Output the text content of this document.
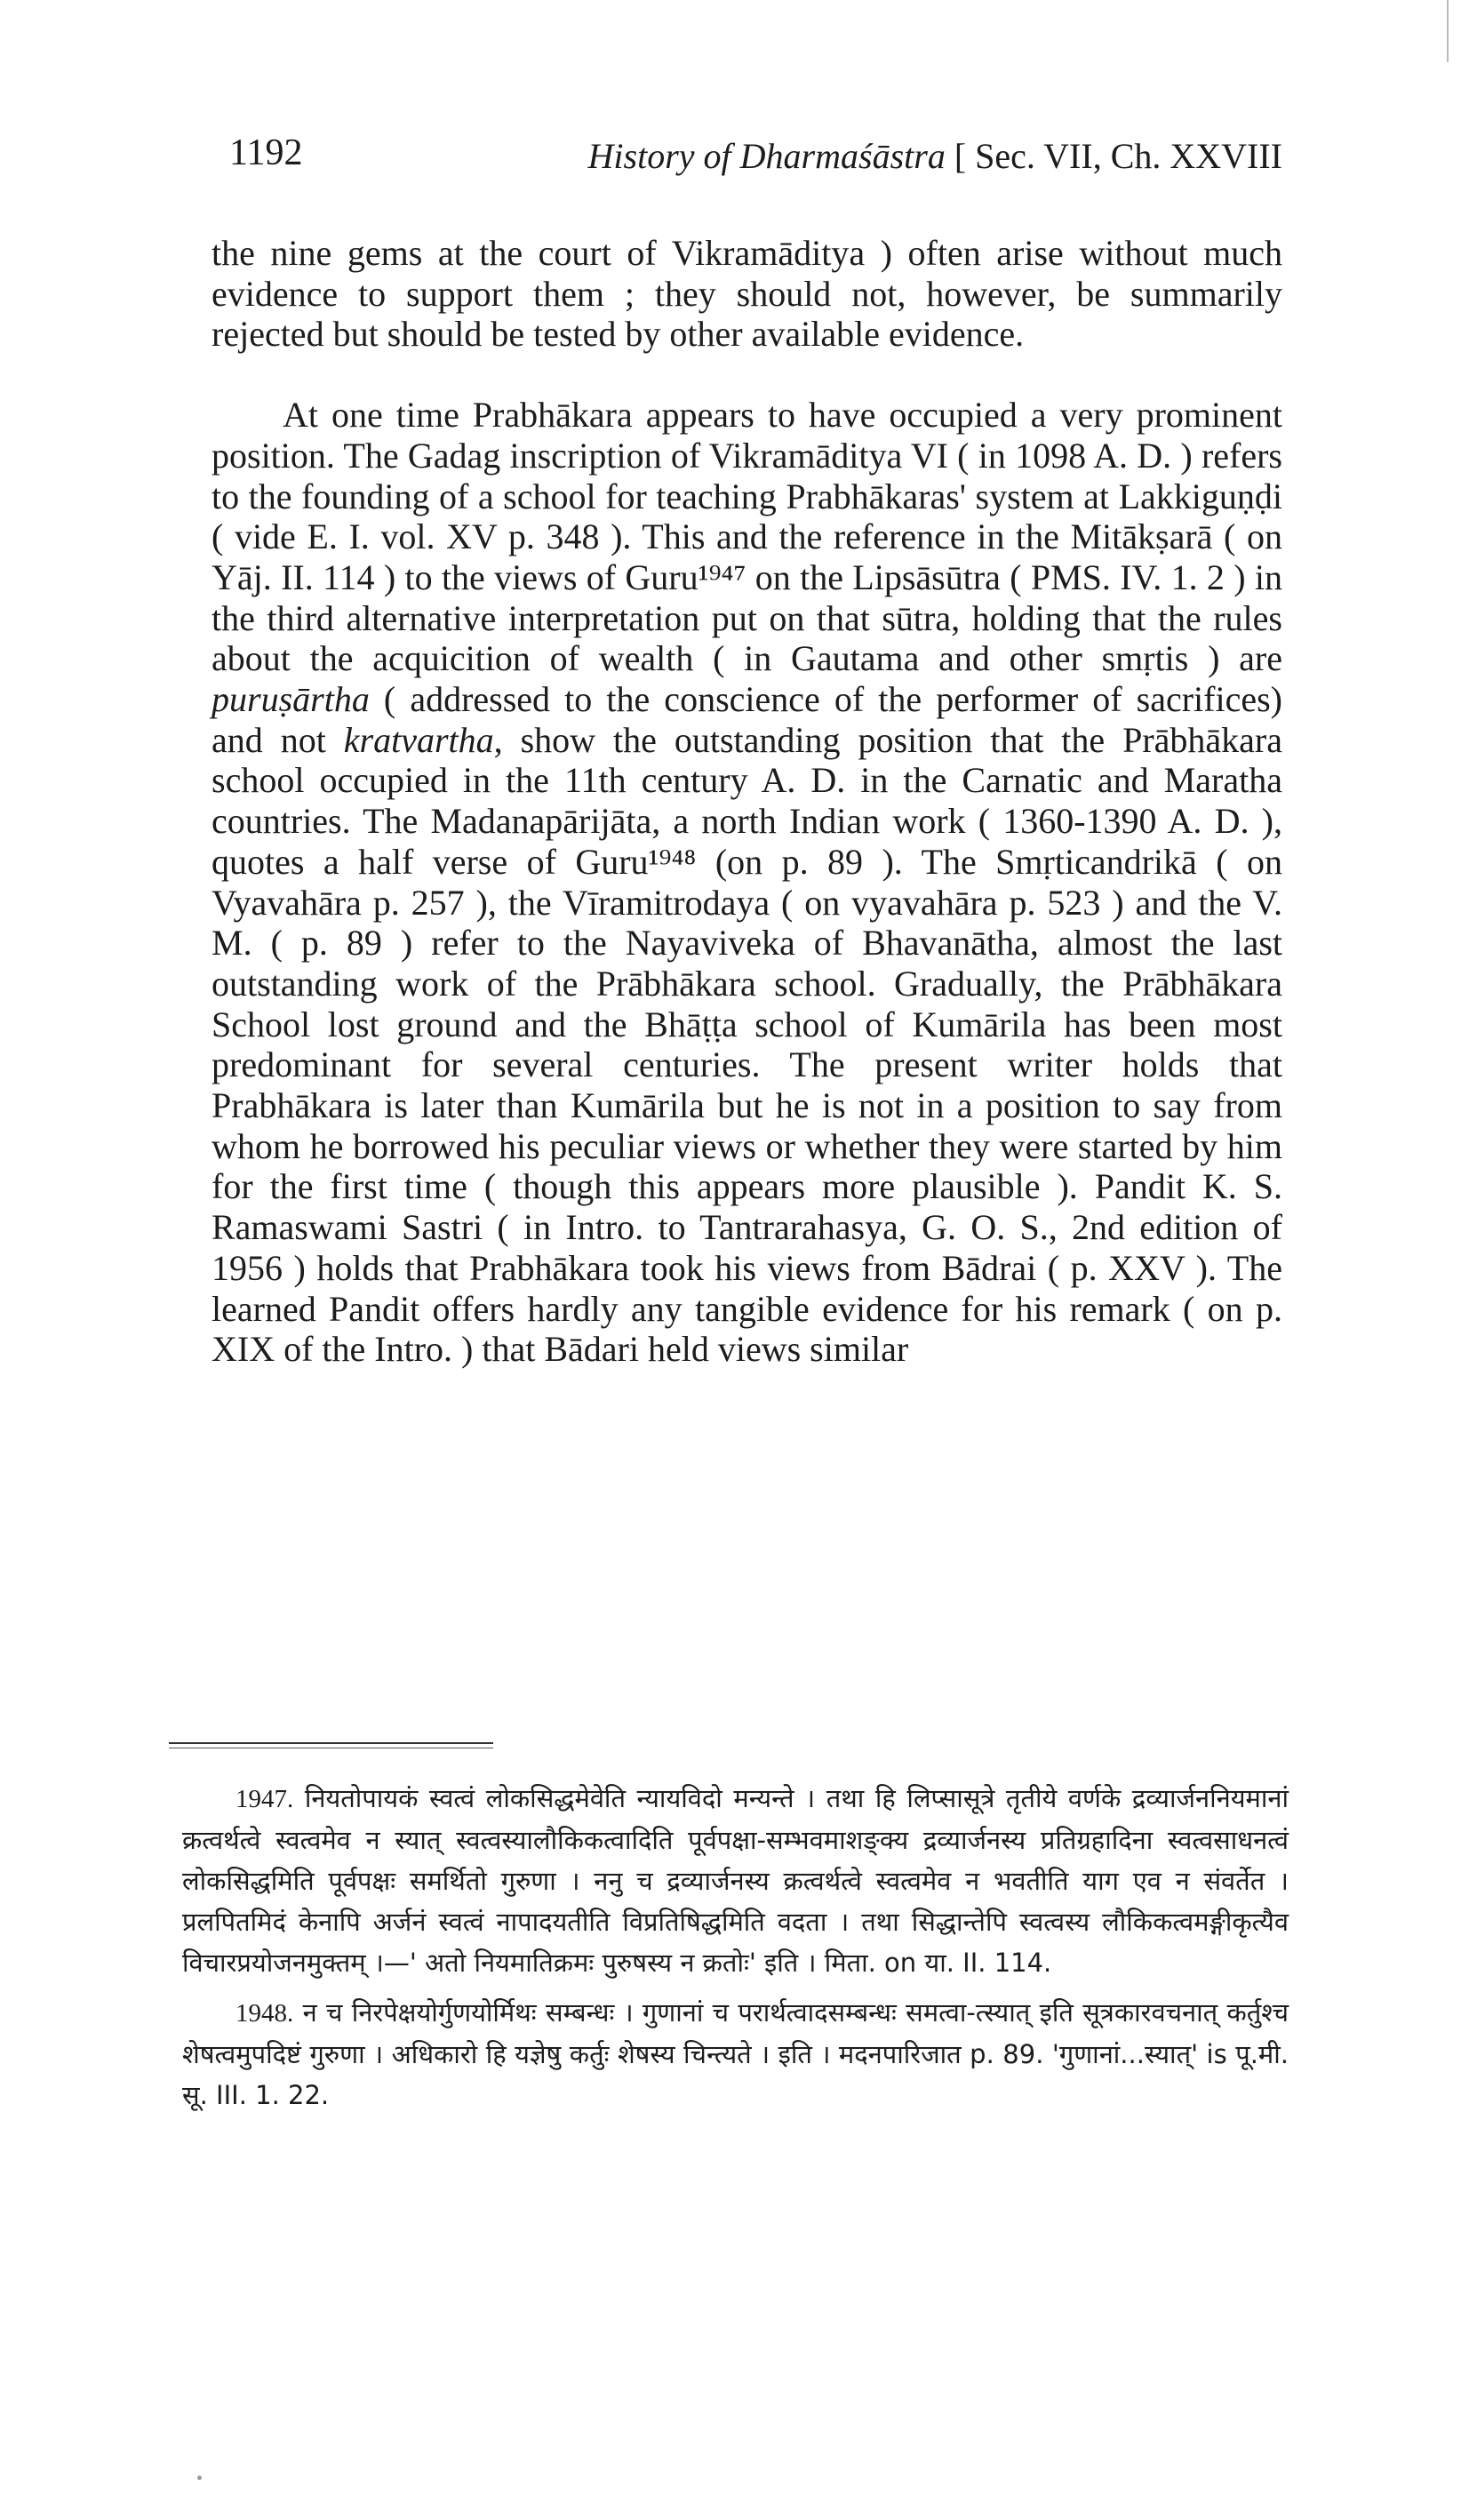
1192	History of Dharmaśāstra [ Sec. VII, Ch. XXVIII

the nine gems at the court of Vikramāditya ) often arise without much evidence to support them ; they should not, however, be summarily rejected but should be tested by other available evidence.

At one time Prabhākara appears to have occupied a very prominent position. The Gadag inscription of Vikramāditya VI ( in 1098 A. D. ) refers to the founding of a school for teaching Prabhākaras' system at Lakkiguṇḍi ( vide E. I. vol. XV p. 348 ). This and the reference in the Mitākṣarā ( on Yāj. II. 114 ) to the views of Guru¹⁹⁴⁷ on the Lipsāsūtra ( PMS. IV. 1. 2 ) in the third alternative interpretation put on that sūtra, holding that the rules about the acquicition of wealth ( in Gautama and other smṛtis ) are puruṣārtha ( addressed to the conscience of the performer of sacrifices) and not kratvartha, show the outstanding position that the Prābhākara school occupied in the 11th century A. D. in the Carnatic and Maratha countries. The Madanapārijāta, a north Indian work ( 1360-1390 A. D. ), quotes a half verse of Guru¹⁹⁴⁸ (on p. 89 ). The Smṛticandrikā ( on Vyavahāra p. 257 ), the Vīramitrodaya ( on vyavahāra p. 523 ) and the V. M. ( p. 89 ) refer to the Nayaviveka of Bhavanātha, almost the last outstanding work of the Prābhākara school. Gradually, the Prābhākara School lost ground and the Bhāṭṭa school of Kumārila has been most predominant for several centuries. The present writer holds that Prabhākara is later than Kumārila but he is not in a position to say from whom he borrowed his peculiar views or whether they were started by him for the first time ( though this appears more plausible ). Pandit K. S. Ramaswami Sastri ( in Intro. to Tantrarahasya, G. O. S., 2nd edition of 1956 ) holds that Prabhākara took his views from Bādrai ( p. XXV ). The learned Pandit offers hardly any tangible evidence for his remark ( on p. XIX of the Intro. ) that Bādari held views similar

1947. नियतोपायकं स्वत्वं लोकसिद्धमेवेति न्यायविदो मन्यन्ते । तथा हि लिप्सासूत्रे तृतीये वर्णके द्रव्यार्जननियमानां क्रत्वर्थत्वे स्वत्वमेव न स्यात् स्वत्वस्यालौकिकत्वादिति पूर्वपक्षा-सम्भवमाशङ्क्य द्रव्यार्जनस्य प्रतिग्रहादिना स्वत्वसाधनत्वं लोकसिद्धमिति पूर्वपक्षः समर्थितो गुरुणा । ननु च द्रव्यार्जनस्य क्रत्वर्थत्वे स्वत्वमेव न भवतीति याग एव न संवर्तेत । प्रलपितमिदं केनापि अर्जनं स्वत्वं नापादयतीति विप्रतिषिद्धमिति वदता । तथा सिद्धान्तेपि स्वत्वस्य लौकिकत्वमङ्गीकृत्यैव विचारप्रयोजनमुक्तम् ।—' अतो नियमातिक्रमः पुरुषस्य न क्रतोः' इति । मिता. on या. II. 114.

1948. न च निरपेक्षयोर्गुणयोर्मिथः सम्बन्धः । गुणानां च परार्थत्वादसम्बन्धः समत्वा-त्स्यात् इति सूत्रकारवचनात् कर्तुश्च शेषत्वमुपदिष्टं गुरुणा । अधिकारो हि यज्ञेषु कर्तुः शेषस्य चिन्त्यते । इति । मदनपारिजात p. 89. 'गुणानां...स्यात्' is पू.मी. सू. III. 1. 22.
